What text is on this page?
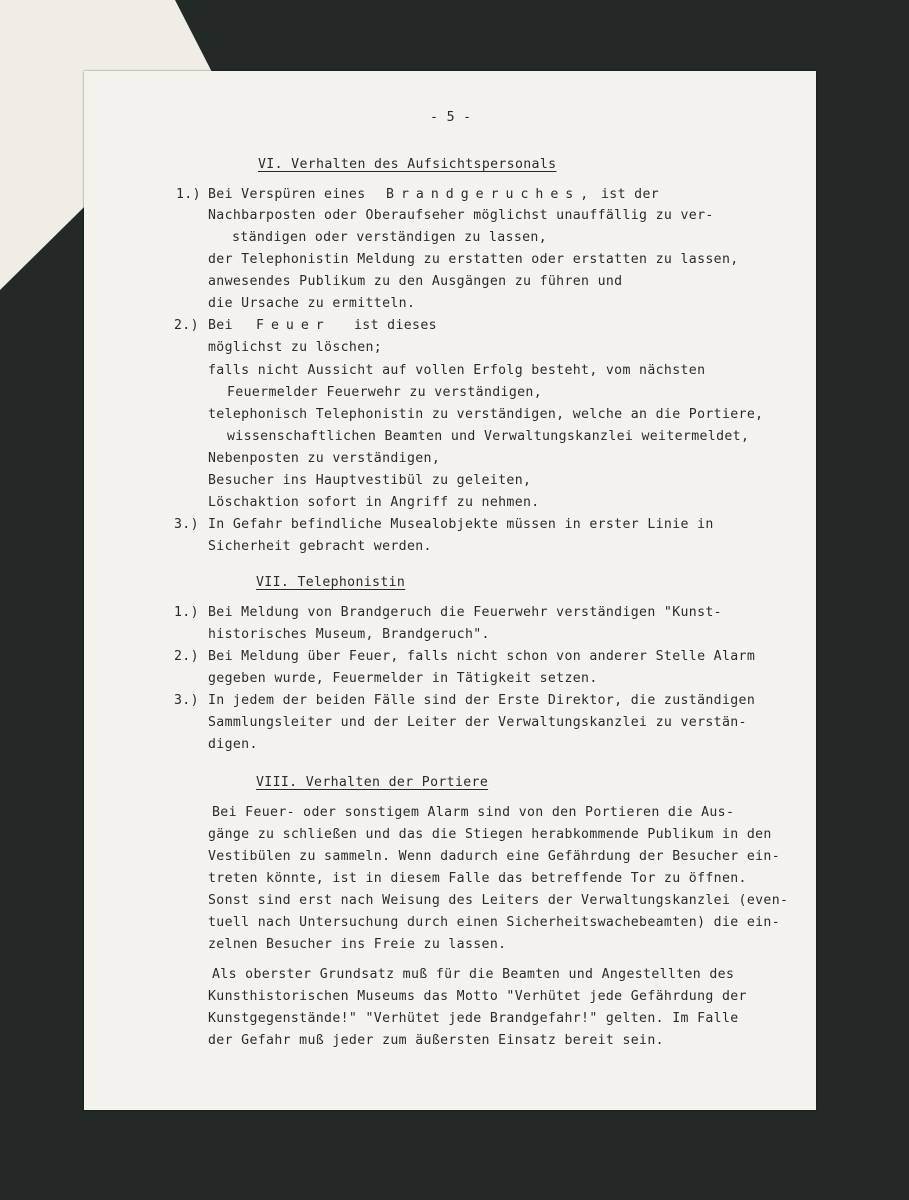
- 5 -
VI. Verhalten des Aufsichtspersonals
1.) Bei Verspüren eines Brandgeruches, ist der
Nachbarposten oder Oberaufseher möglichst unauffällig zu ver-
ständigen oder verständigen zu lassen,
der Telephonistin Meldung zu erstatten oder erstatten zu lassen,
anwesendes Publikum zu den Ausgängen zu führen und
die Ursache zu ermitteln.
2.) Bei Feuer ist dieses
möglichst zu löschen;
falls nicht Aussicht auf vollen Erfolg besteht, vom nächsten
Feuermelder Feuerwehr zu verständigen,
telephonisch Telephonistin zu verständigen, welche an die Portiere,
wissenschaftlichen Beamten und Verwaltungskanzlei weitermeldet,
Nebenposten zu verständigen,
Besucher ins Hauptvestibül zu geleiten,
Löschaktion sofort in Angriff zu nehmen.
3.) In Gefahr befindliche Musealobjekte müssen in erster Linie in
Sicherheit gebracht werden.
VII. Telephonistin
1.) Bei Meldung von Brandgeruch die Feuerwehr verständigen "Kunst-
historisches Museum, Brandgeruch".
2.) Bei Meldung über Feuer, falls nicht schon von anderer Stelle Alarm
gegeben wurde, Feuermelder in Tätigkeit setzen.
3.) In jedem der beiden Fälle sind der Erste Direktor, die zuständigen
Sammlungsleiter und der Leiter der Verwaltungskanzlei zu verstän-
digen.
VIII. Verhalten der Portiere
Bei Feuer- oder sonstigem Alarm sind von den Portieren die Aus-
gänge zu schließen und das die Stiegen herabkommende Publikum in den
Vestibülen zu sammeln. Wenn dadurch eine Gefährdung der Besucher ein-
treten könnte, ist in diesem Falle das betreffende Tor zu öffnen.
Sonst sind erst nach Weisung des Leiters der Verwaltungskanzlei (even-
tuell nach Untersuchung durch einen Sicherheitswachebeamten) die ein-
zelnen Besucher ins Freie zu lassen.
Als oberster Grundsatz muß für die Beamten und Angestellten des
Kunsthistorischen Museums das Motto "Verhütet jede Gefährdung der
Kunstgegenstände!" "Verhütet jede Brandgefahr!" gelten. Im Falle
der Gefahr muß jeder zum äußersten Einsatz bereit sein.
